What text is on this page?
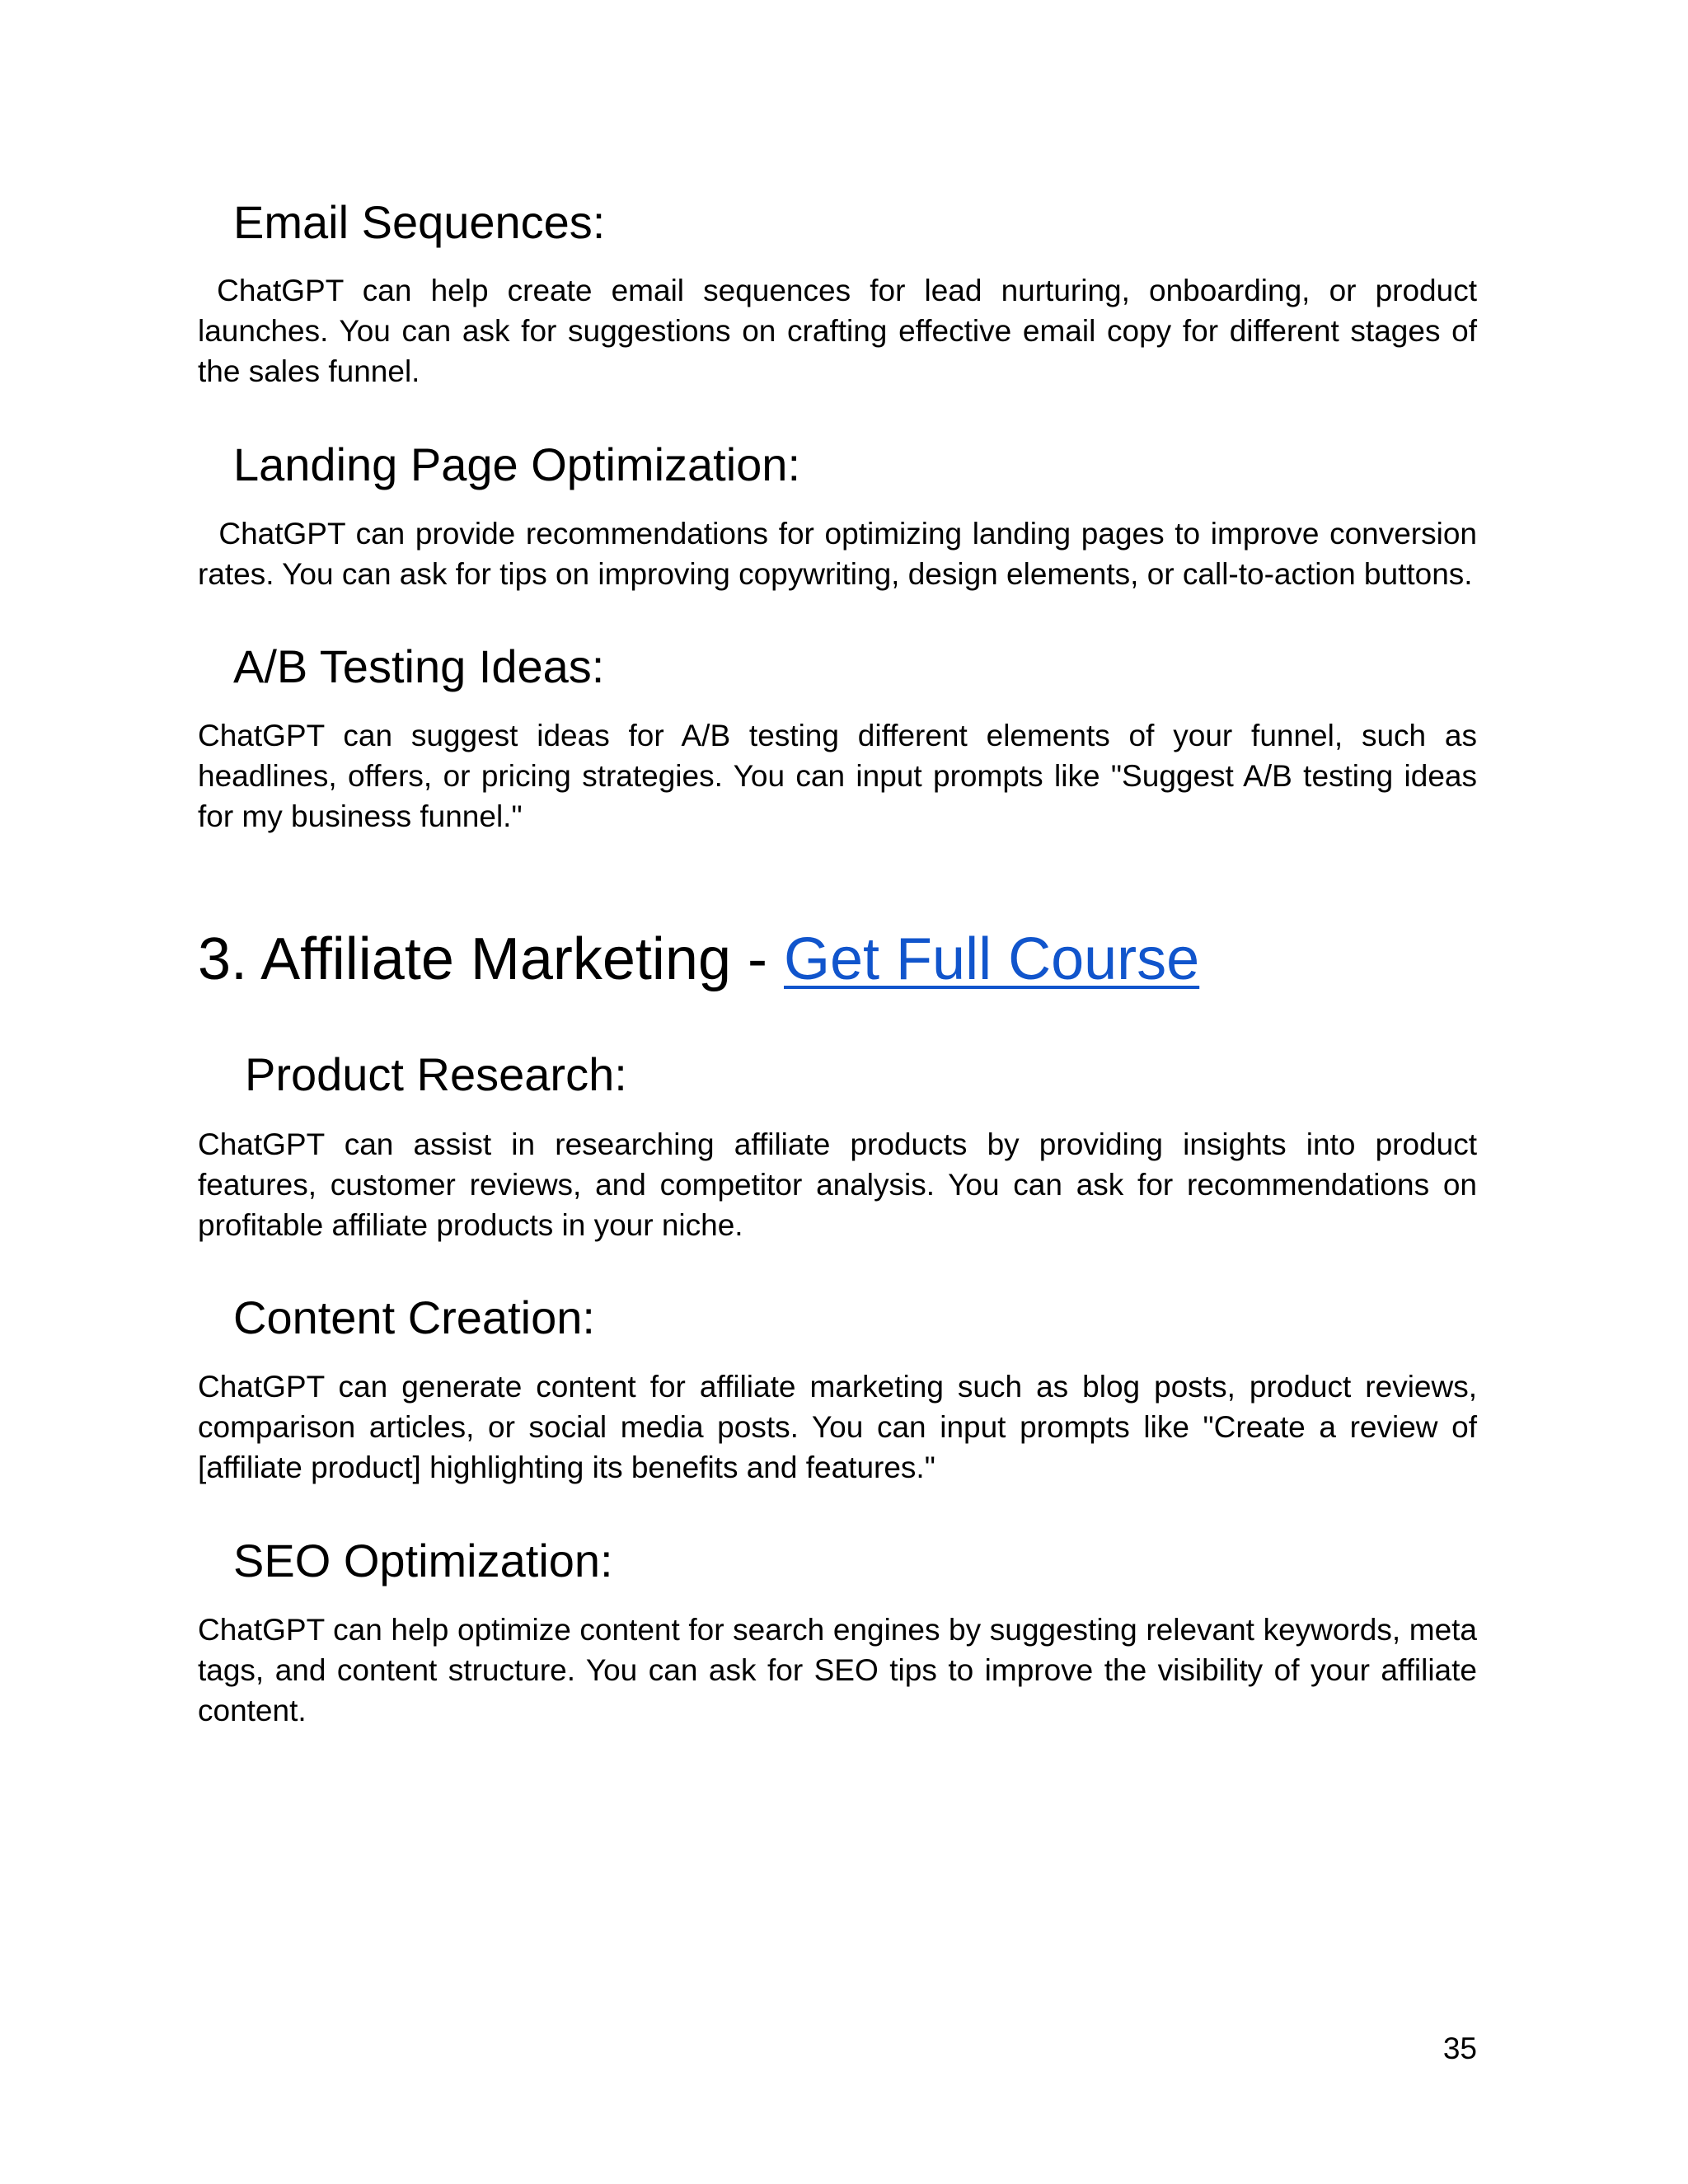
Email Sequences:

ChatGPT can help create email sequences for lead nurturing, onboarding, or product launches. You can ask for suggestions on crafting effective email copy for different stages of the sales funnel.

Landing Page Optimization:

ChatGPT can provide recommendations for optimizing landing pages to improve conversion rates. You can ask for tips on improving copywriting, design elements, or call-to-action buttons.

A/B Testing Ideas:

ChatGPT can suggest ideas for A/B testing different elements of your funnel, such as headlines, offers, or pricing strategies. You can input prompts like "Suggest A/B testing ideas for my business funnel."

3. Affiliate Marketing - Get Full Course
Product Research:

ChatGPT can assist in researching affiliate products by providing insights into product features, customer reviews, and competitor analysis. You can ask for recommendations on profitable affiliate products in your niche.

Content Creation:

ChatGPT can generate content for affiliate marketing such as blog posts, product reviews, comparison articles, or social media posts. You can input prompts like "Create a review of [affiliate product] highlighting its benefits and features."

SEO Optimization:

ChatGPT can help optimize content for search engines by suggesting relevant keywords, meta tags, and content structure. You can ask for SEO tips to improve the visibility of your affiliate content.

35
